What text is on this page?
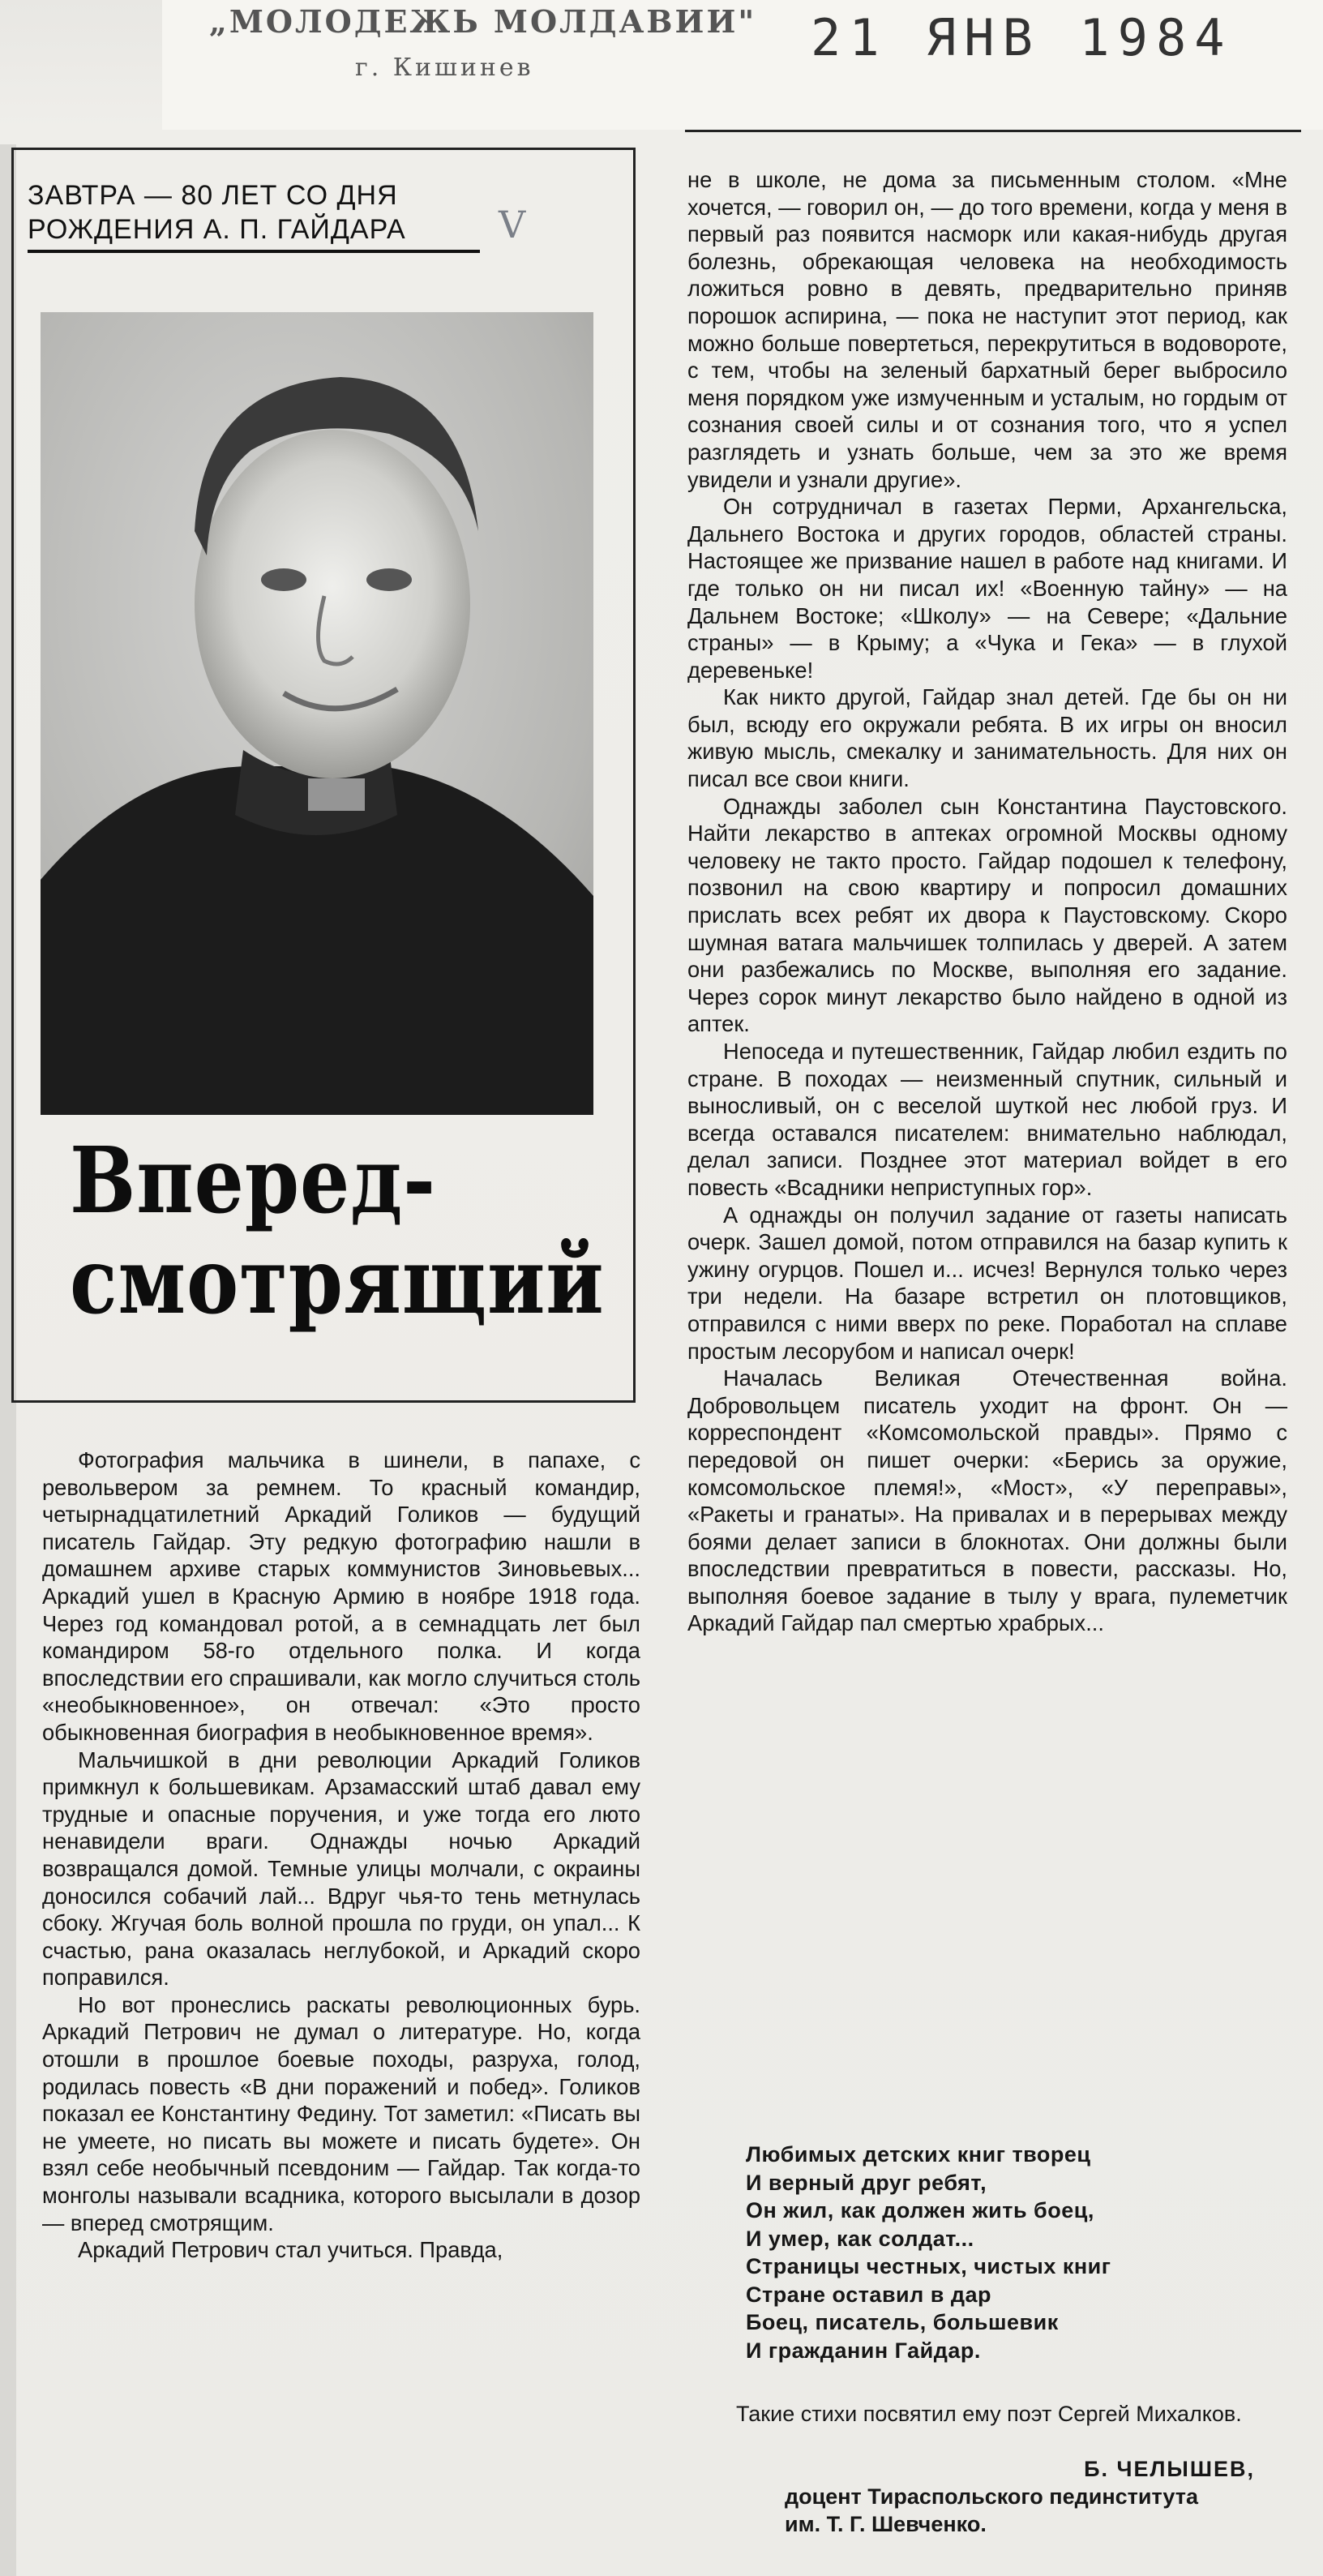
„МОЛОДЕЖЬ МОЛДАВИИ"
г. Кишинев
21 ЯНВ 1984
ЗАВТРА — 80 ЛЕТ СО ДНЯ
РОЖДЕНИЯ А. П. ГАЙДАРА	V
Вперед-
смотрящий

Фотография мальчика в шинели, в папахе, с револьвером за ремнем. То красный командир, четырнадцатилетний Аркадий Голиков — будущий писатель Гайдар. Эту редкую фотографию нашли в домашнем архиве старых коммунистов Зиновьевых... Аркадий ушел в Красную Армию в ноябре 1918 года. Через год командовал ротой, а в семнадцать лет был командиром 58-го отдельного полка. И когда впоследствии его спрашивали, как могло случиться столь «необыкновенное», он отвечал: «Это просто обыкновенная биография в необыкновенное время».

Мальчишкой в дни революции Аркадий Голиков примкнул к большевикам. Арзамасский штаб давал ему трудные и опасные поручения, и уже тогда его люто ненавидели враги. Однажды ночью Аркадий возвращался домой. Темные улицы молчали, с окраины доносился собачий лай... Вдруг чья-то тень метнулась сбоку. Жгучая боль волной прошла по груди, он упал... К счастью, рана оказалась неглубокой, и Аркадий скоро поправился.

Но вот пронеслись раскаты революционных бурь. Аркадий Петрович не думал о литературе. Но, когда отошли в прошлое боевые походы, разруха, голод, родилась повесть «В дни поражений и побед». Голиков показал ее Константину Федину. Тот заметил: «Писать вы не умеете, но писать вы можете и писать будете». Он взял себе необычный псевдоним — Гайдар. Так когда-то монголы называли всадника, которого высылали в дозор — вперед смотрящим.

Аркадий Петрович стал учиться. Правда,

не в школе, не дома за письменным столом. «Мне хочется, — говорил он, — до того времени, когда у меня в первый раз появится насморк или какая-нибудь другая болезнь, обрекающая человека на необходимость ложиться ровно в девять, предварительно приняв порошок аспирина, — пока не наступит этот период, как можно больше повертеться, перекрутиться в водовороте, с тем, чтобы на зеленый бархатный берег выбросило меня порядком уже измученным и усталым, но гордым от сознания своей силы и от сознания того, что я успел разглядеть и узнать больше, чем за это же время увидели и узнали другие».

Он сотрудничал в газетах Перми, Архангельска, Дальнего Востока и других городов, областей страны. Настоящее же призвание нашел в работе над книгами. И где только он ни писал их! «Военную тайну» — на Дальнем Востоке; «Школу» — на Севере; «Дальние страны» — в Крыму; а «Чука и Гека» — в глухой деревеньке!

Как никто другой, Гайдар знал детей. Где бы он ни был, всюду его окружали ребята. В их игры он вносил живую мысль, смекалку и занимательность. Для них он писал все свои книги.

Однажды заболел сын Константина Паустовского. Найти лекарство в аптеках огромной Москвы одному человеку не такто просто. Гайдар подошел к телефону, позвонил на свою квартиру и попросил домашних прислать всех ребят их двора к Паустовскому. Скоро шумная ватага мальчишек толпилась у дверей. А затем они разбежались по Москве, выполняя его задание. Через сорок минут лекарство было найдено в одной из аптек.

Непоседа и путешественник, Гайдар любил ездить по стране. В походах — неизменный спутник, сильный и выносливый, он с веселой шуткой нес любой груз. И всегда оставался писателем: внимательно наблюдал, делал записи. Позднее этот материал войдет в его повесть «Всадники неприступных гор».

А однажды он получил задание от газеты написать очерк. Зашел домой, потом отправился на базар купить к ужину огурцов. Пошел и... исчез! Вернулся только через три недели. На базаре встретил он плотовщиков, отправился с ними вверх по реке. Поработал на сплаве простым лесорубом и написал очерк!

Началась Великая Отечественная война. Добровольцем писатель уходит на фронт. Он — корреспондент «Комсомольской правды». Прямо с передовой он пишет очерки: «Берись за оружие, комсомольское племя!», «Мост», «У переправы», «Ракеты и гранаты». На привалах и в перерывах между боями делает записи в блокнотах. Они должны были впоследствии превратиться в повести, рассказы. Но, выполняя боевое задание в тылу у врага, пулеметчик Аркадий Гайдар пал смертью храбрых...

Любимых детских книг творец
И верный друг ребят,
Он жил, как должен жить боец,
И умер, как солдат...
Страницы честных, чистых книг
Стране оставил в дар
Боец, писатель, большевик
И гражданин Гайдар.

Такие стихи посвятил ему поэт Сергей Михалков.

Б. ЧЕЛЫШЕВ,
доцент Тираспольского пединститута
им. Т. Г. Шевченко.
